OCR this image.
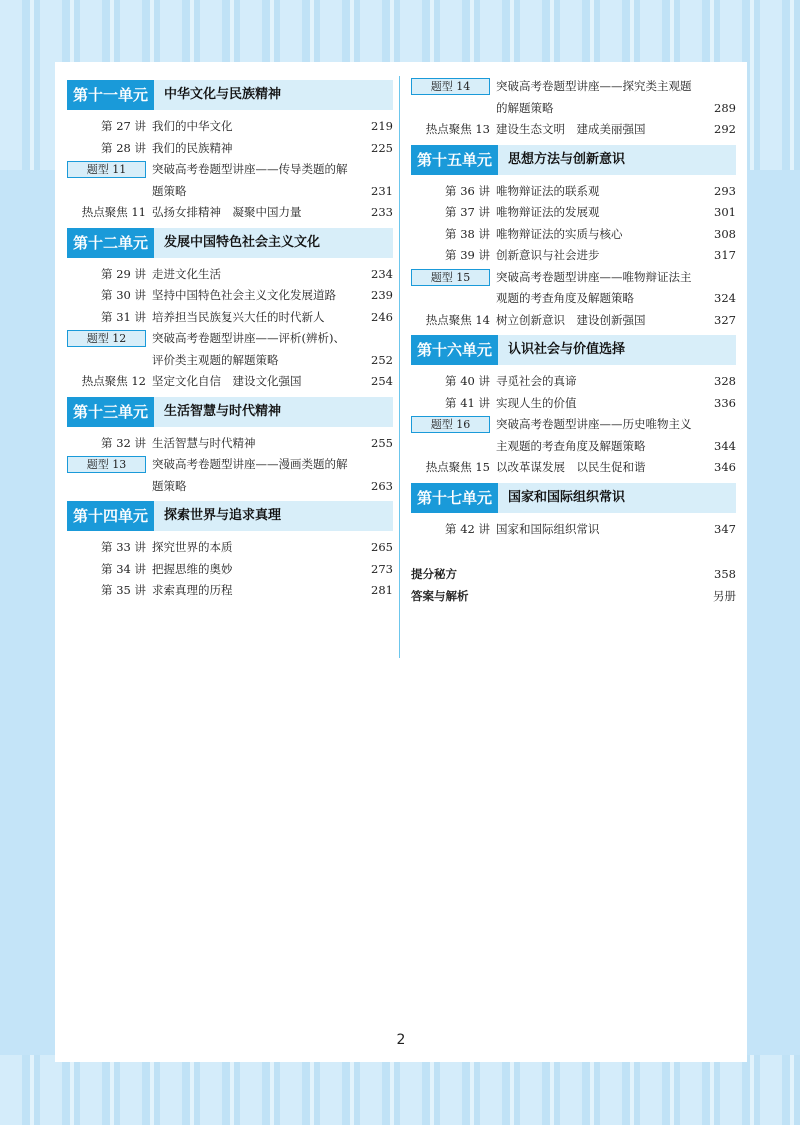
第十一单元	中华文化与民族精神
第 27 讲 我们的中华文化	219
第 28 讲 我们的民族精神	225
题型 11	突破高考卷题型讲座——传导类题的解
题策略	231
热点聚焦 11 弘扬女排精神　凝聚中国力量	233
第十二单元	发展中国特色社会主义文化
第 29 讲 走进文化生活	234
第 30 讲 坚持中国特色社会主义文化发展道路	239
第 31 讲 培养担当民族复兴大任的时代新人	246
题型 12	突破高考卷题型讲座——评析(辨析)、
评价类主观题的解题策略	252
热点聚焦 12 坚定文化自信　建设文化强国	254
第十三单元	生活智慧与时代精神
第 32 讲 生活智慧与时代精神	255
题型 13	突破高考卷题型讲座——漫画类题的解
题策略	263
第十四单元	探索世界与追求真理
第 33 讲 探究世界的本质	265
第 34 讲 把握思维的奥妙	273
第 35 讲 求索真理的历程	281
题型 14	突破高考卷题型讲座——探究类主观题
的解题策略	289
热点聚焦 13 建设生态文明　建成美丽强国	292
第十五单元	思想方法与创新意识
第 36 讲 唯物辩证法的联系观	293
第 37 讲 唯物辩证法的发展观	301
第 38 讲 唯物辩证法的实质与核心	308
第 39 讲 创新意识与社会进步	317
题型 15	突破高考卷题型讲座——唯物辩证法主
观题的考查角度及解题策略	324
热点聚焦 14 树立创新意识　建设创新强国	327
第十六单元	认识社会与价值选择
第 40 讲 寻觅社会的真谛	328
第 41 讲 实现人生的价值	336
题型 16	突破高考卷题型讲座——历史唯物主义
主观题的考查角度及解题策略	344
热点聚焦 15 以改革谋发展　以民生促和谐	346
第十七单元	国家和国际组织常识
第 42 讲 国家和国际组织常识	347
提分秘方	358
答案与解析	另册
2
